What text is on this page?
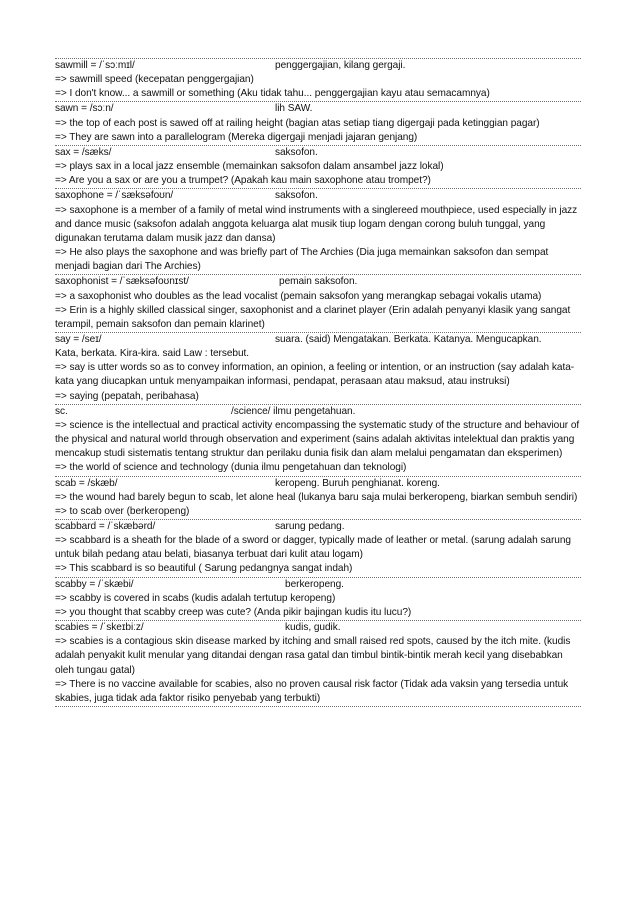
sawmill = /ˈsɔːmɪl/	penggergajian, kilang gergaji.
=> sawmill speed (kecepatan penggergajian)
=> I don't know... a sawmill or something (Aku tidak tahu... penggergajian kayu atau semacamnya)
sawn = /sɔːn/	lih SAW.
=> the top of each post is sawed off at railing height (bagian atas setiap tiang digergaji pada ketinggian pagar)
=> They are sawn into a parallelogram (Mereka digergaji menjadi jajaran genjang)
sax = /sæks/	saksofon.
=> plays sax in a local jazz ensemble (memainkan saksofon dalam ansambel jazz lokal)
=> Are you a sax or are you a trumpet? (Apakah kau main saxophone atau trompet?)
saxophone = /ˈsæksəfoʊn/	saksofon.
=> saxophone is a member of a family of metal wind instruments with a singlereed mouthpiece, used especially in jazz and dance music (saksofon adalah anggota keluarga alat musik tiup logam dengan corong buluh tunggal, yang digunakan terutama dalam musik jazz dan dansa)
=> He also plays the saxophone and was briefly part of The Archies (Dia juga memainkan saksofon dan sempat menjadi bagian dari The Archies)
saxophonist = /ˈsæksəfoʊnɪst/	pemain saksofon.
=> a saxophonist who doubles as the lead vocalist (pemain saksofon yang merangkap sebagai vokalis utama)
=> Erin is a highly skilled classical singer, saxophonist and a clarinet player (Erin adalah penyanyi klasik yang sangat terampil, pemain saksofon dan pemain klarinet)
say = /seɪ/	suara. (said) Mengatakan. Berkata. Katanya. Mengucapkan.
Kata, berkata. Kira-kira. said Law : tersebut.
=> say is utter words so as to convey information, an opinion, a feeling or intention, or an instruction (say adalah kata-kata yang diucapkan untuk menyampaikan informasi, pendapat, perasaan atau maksud, atau instruksi)
=> saying (pepatah, peribahasa)
sc.	/science/ ilmu pengetahuan.
=> science is the intellectual and practical activity encompassing the systematic study of the structure and behaviour of the physical and natural world through observation and experiment (sains adalah aktivitas intelektual dan praktis yang mencakup studi sistematis tentang struktur dan perilaku dunia fisik dan alam melalui pengamatan dan eksperimen)
=> the world of science and technology (dunia ilmu pengetahuan dan teknologi)
scab = /skæb/	keropeng. Buruh penghianat. koreng.
=> the wound had barely begun to scab, let alone heal (lukanya baru saja mulai berkeropeng, biarkan sembuh sendiri)
=> to scab over (berkeropeng)
scabbard = /ˈskæbərd/	sarung pedang.
=> scabbard is a sheath for the blade of a sword or dagger, typically made of leather or metal. (sarung adalah sarung untuk bilah pedang atau belati, biasanya terbuat dari kulit atau logam)
=> This scabbard is so beautiful ( Sarung pedangnya sangat indah)
scabby = /ˈskæbi/	berkeropeng.
=> scabby is covered in scabs (kudis adalah tertutup keropeng)
=> you thought that scabby creep was cute? (Anda pikir bajingan kudis itu lucu?)
scabies = /ˈskeɪbiːz/	kudis, gudik.
=> scabies is a contagious skin disease marked by itching and small raised red spots, caused by the itch mite. (kudis adalah penyakit kulit menular yang ditandai dengan rasa gatal dan timbul bintik-bintik merah kecil yang disebabkan oleh tungau gatal)
=> There is no vaccine available for scabies, also no proven causal risk factor (Tidak ada vaksin yang tersedia untuk skabies, juga tidak ada faktor risiko penyebab yang terbukti)
